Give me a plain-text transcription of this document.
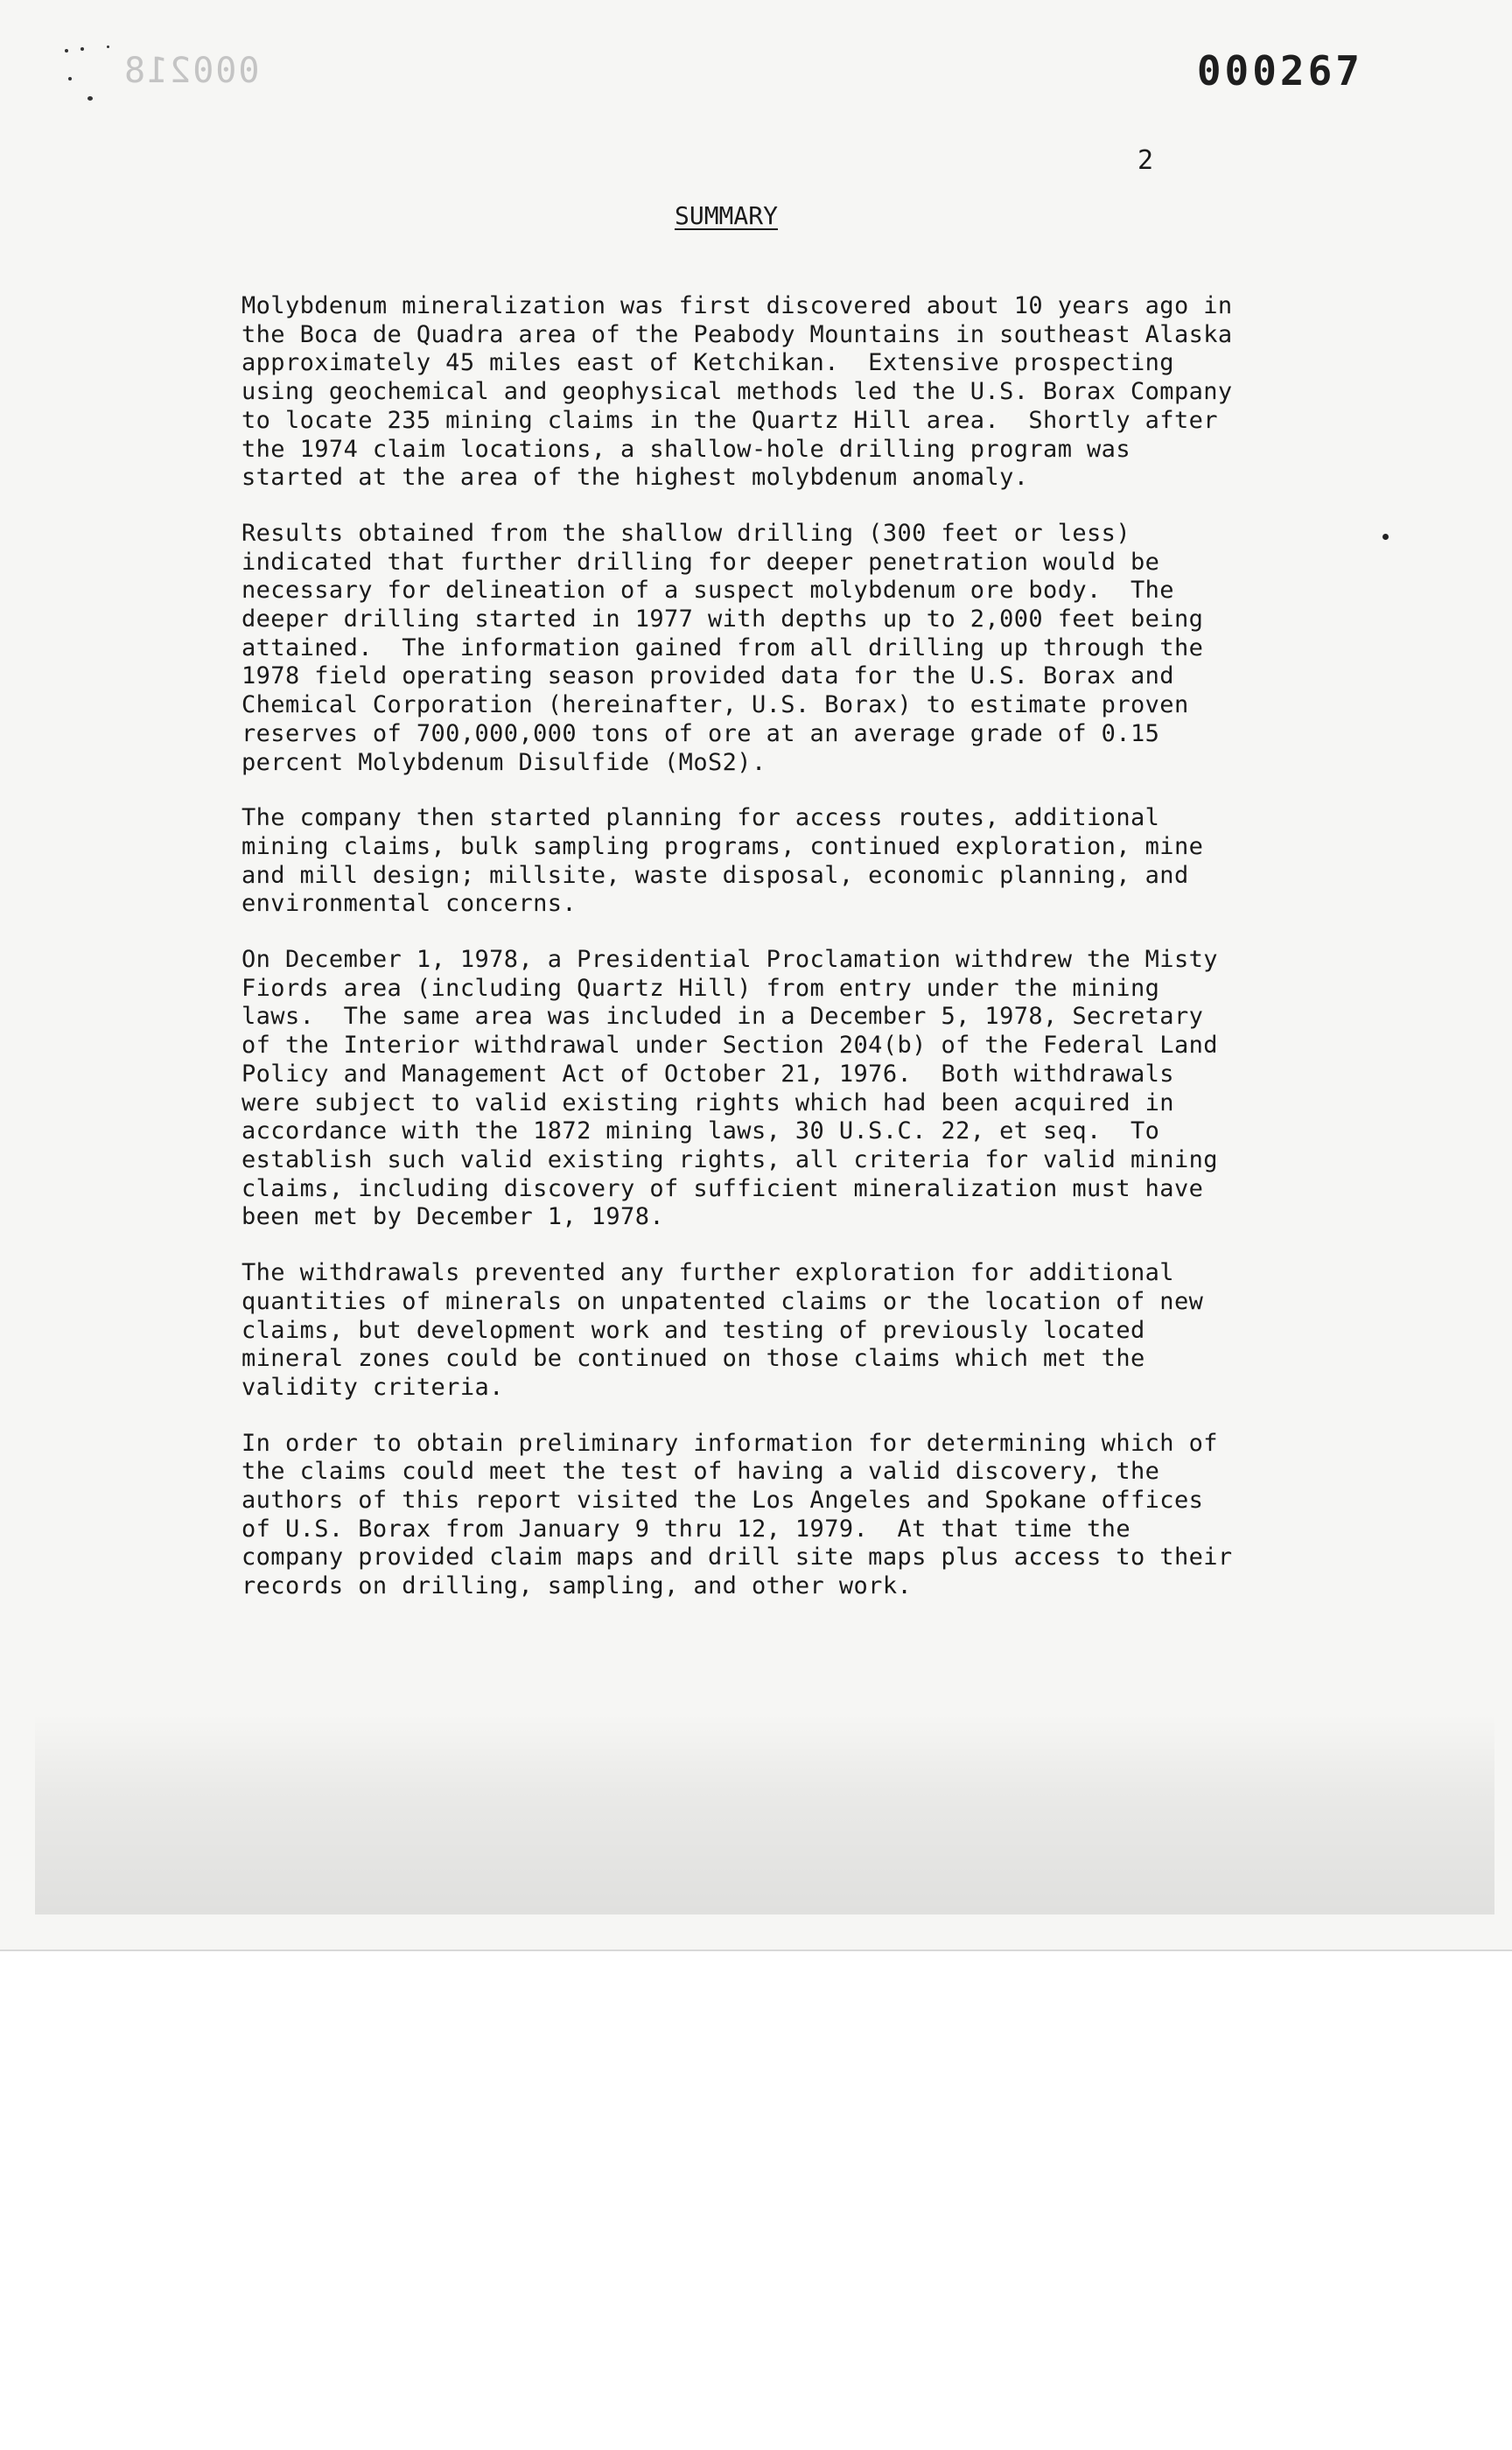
000218	000267
2
SUMMARY
Molybdenum mineralization was first discovered about 10 years ago in
the Boca de Quadra area of the Peabody Mountains in southeast Alaska
approximately 45 miles east of Ketchikan.  Extensive prospecting
using geochemical and geophysical methods led the U.S. Borax Company
to locate 235 mining claims in the Quartz Hill area.  Shortly after
the 1974 claim locations, a shallow-hole drilling program was
started at the area of the highest molybdenum anomaly.
Results obtained from the shallow drilling (300 feet or less)
indicated that further drilling for deeper penetration would be
necessary for delineation of a suspect molybdenum ore body.  The
deeper drilling started in 1977 with depths up to 2,000 feet being
attained.  The information gained from all drilling up through the
1978 field operating season provided data for the U.S. Borax and
Chemical Corporation (hereinafter, U.S. Borax) to estimate proven
reserves of 700,000,000 tons of ore at an average grade of 0.15
percent Molybdenum Disulfide (MoS2).
The company then started planning for access routes, additional
mining claims, bulk sampling programs, continued exploration, mine
and mill design; millsite, waste disposal, economic planning, and
environmental concerns.
On December 1, 1978, a Presidential Proclamation withdrew the Misty
Fiords area (including Quartz Hill) from entry under the mining
laws.  The same area was included in a December 5, 1978, Secretary
of the Interior withdrawal under Section 204(b) of the Federal Land
Policy and Management Act of October 21, 1976.  Both withdrawals
were subject to valid existing rights which had been acquired in
accordance with the 1872 mining laws, 30 U.S.C. 22, et seq.  To
establish such valid existing rights, all criteria for valid mining
claims, including discovery of sufficient mineralization must have
been met by December 1, 1978.
The withdrawals prevented any further exploration for additional
quantities of minerals on unpatented claims or the location of new
claims, but development work and testing of previously located
mineral zones could be continued on those claims which met the
validity criteria.
In order to obtain preliminary information for determining which of
the claims could meet the test of having a valid discovery, the
authors of this report visited the Los Angeles and Spokane offices
of U.S. Borax from January 9 thru 12, 1979.  At that time the
company provided claim maps and drill site maps plus access to their
records on drilling, sampling, and other work.
